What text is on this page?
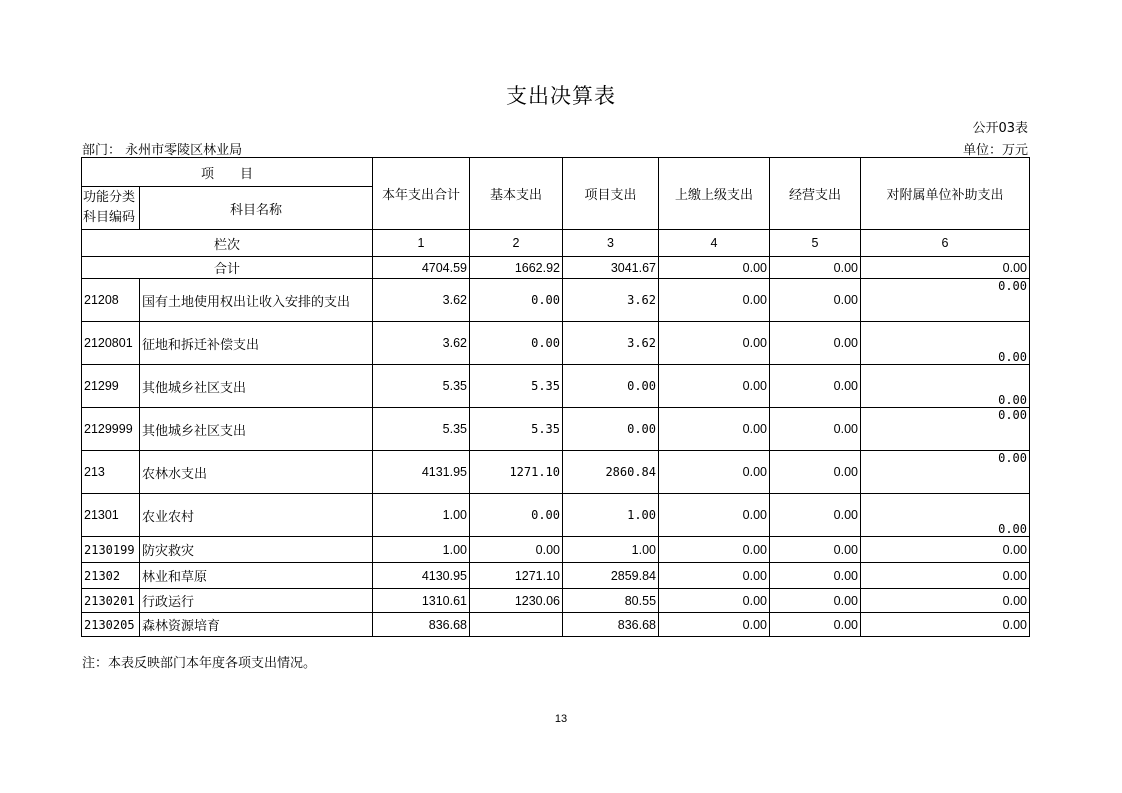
支出决算表
公开03表
部门： 永州市零陵区林业局	单位：万元
项　　目		本年支出合计	基本支出	项目支出	上缴上级支出	经营支出	对附属单位补助支出
功能分类
科目编码	科目名称						
栏次		1	2	3	4	5	6
合计		4704.59	1662.92	3041.67	0.00	0.00	0.00
21208	国有土地使用权出让收入安排的支出	3.62	0.00	3.62	0.00	0.00	0.00
2120801	征地和拆迁补偿支出	3.62	0.00	3.62	0.00	0.00	0.00
21299	其他城乡社区支出	5.35	5.35	0.00	0.00	0.00	0.00
2129999	其他城乡社区支出	5.35	5.35	0.00	0.00	0.00	0.00
213	农林水支出	4131.95	1271.10	2860.84	0.00	0.00	0.00
21301	农业农村	1.00	0.00	1.00	0.00	0.00	0.00
2130199	防灾救灾	1.00	0.00	1.00	0.00	0.00	0.00
21302	林业和草原	4130.95	1271.10	2859.84	0.00	0.00	0.00
2130201	行政运行	1310.61	1230.06	80.55	0.00	0.00	0.00
2130205	森林资源培育	836.68		836.68	0.00	0.00	0.00
注：本表反映部门本年度各项支出情况。
13
